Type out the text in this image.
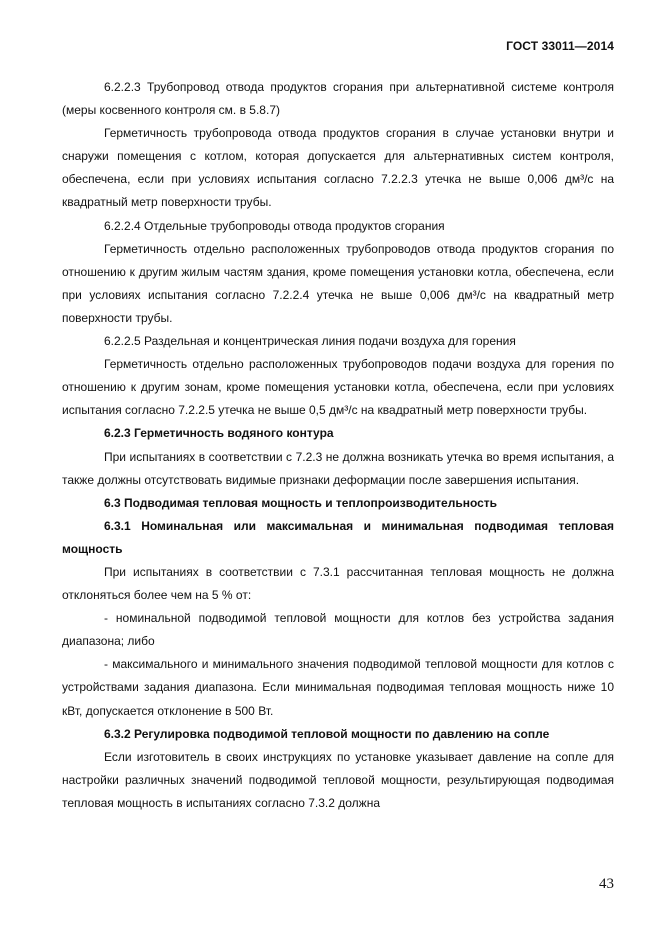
ГОСТ 33011—2014

6.2.2.3 Трубопровод отвода продуктов сгорания при альтернативной системе контроля (меры косвенного контроля см. в 5.8.7)

Герметичность трубопровода отвода продуктов сгорания в случае установки внутри и снаружи помещения с котлом, которая допускается для альтернативных систем контроля, обеспечена, если при условиях испытания согласно 7.2.2.3 утечка не выше 0,006 дм³/с на квадратный метр поверхности трубы.

6.2.2.4 Отдельные трубопроводы отвода продуктов сгорания

Герметичность отдельно расположенных трубопроводов отвода продуктов сгорания по отношению к другим жилым частям здания, кроме помещения установки котла, обеспечена, если при условиях испытания согласно 7.2.2.4 утечка не выше 0,006 дм³/с на квадратный метр поверхности трубы.

6.2.2.5 Раздельная и концентрическая линия подачи воздуха для горения

Герметичность отдельно расположенных трубопроводов подачи воздуха для горения по отношению к другим зонам, кроме помещения установки котла, обеспечена, если при условиях испытания согласно 7.2.2.5 утечка не выше 0,5 дм³/с на квадратный метр поверхности трубы.

6.2.3 Герметичность водяного контура

При испытаниях в соответствии с 7.2.3 не должна возникать утечка во время испытания, а также должны отсутствовать видимые признаки деформации после завершения испытания.

6.3 Подводимая тепловая мощность и теплопроизводительность

6.3.1 Номинальная или максимальная и минимальная подводимая тепловая мощность

При испытаниях в соответствии с 7.3.1 рассчитанная тепловая мощность не должна отклоняться более чем на 5 % от:

- номинальной подводимой тепловой мощности для котлов без устройства задания диапазона; либо

- максимального и минимального значения подводимой тепловой мощности для котлов с устройствами задания диапазона. Если минимальная подводимая тепловая мощность ниже 10 кВт, допускается отклонение в 500 Вт.

6.3.2 Регулировка подводимой тепловой мощности по давлению на сопле

Если изготовитель в своих инструкциях по установке указывает давление на сопле для настройки различных значений подводимой тепловой мощности, результирующая подводимая тепловая мощность в испытаниях согласно 7.3.2 должна

43
